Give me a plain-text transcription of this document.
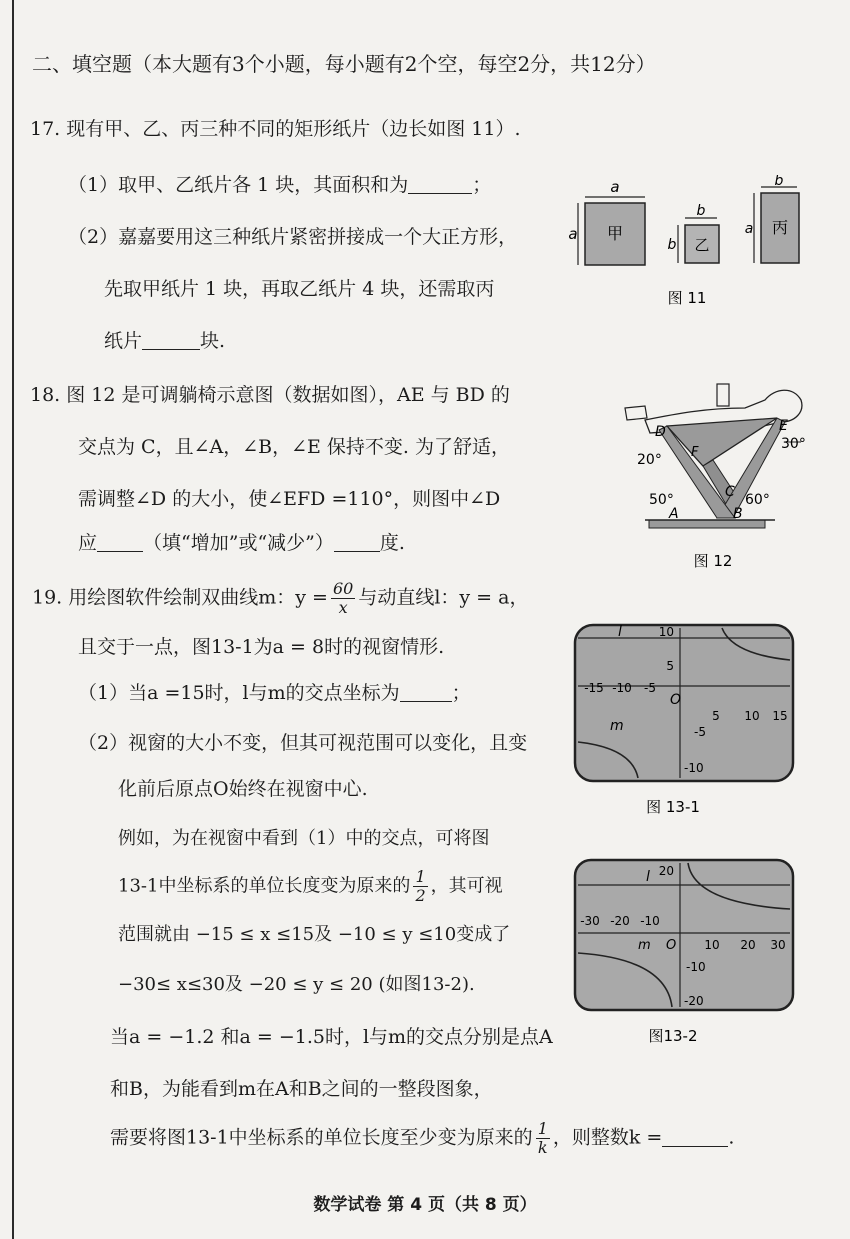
二、填空题（本大题有3个小题，每小题有2个空，每空2分，共12分）
17. 现有甲、乙、丙三种不同的矩形纸片（边长如图 11）.
（1）取甲、乙纸片各 1 块，其面积和为	；
（2）嘉嘉要用这三种纸片紧密拼接成一个大正方形，
先取甲纸片 1 块，再取乙纸片 4 块，还需取丙
纸片	块.
a
a 甲
b
b 乙
b
a 丙
图 11
18. 图 12 是可调躺椅示意图（数据如图），AE 与 BD 的
交点为 C，且∠A，∠B，∠E 保持不变. 为了舒适，
需调整∠D 的大小，使∠EFD =110°，则图中∠D
应 （填“增加”或“减少”） 度.
D	E
F
C
A	B
30°
20°
50°	60°
图 12
19. 用绘图软件绘制双曲线m：$y = \frac{60}{x}$ 与动直线l：y = a，
且交于一点，图13-1为a = 8时的视窗情形.
（1）当a =15时，l与m的交点坐标为	；
（2）视窗的大小不变，但其可视范围可以变化，且变
化前后原点O始终在视窗中心.
例如，为在视窗中看到（1）中的交点，可将图
13-1中坐标系的单位长度变为原来的 $\frac{1}{2}$ ，其可视
范围就由 −15 ≤ x ≤15及 −10 ≤ y ≤10变成了
−30≤ x≤30及 −20 ≤ y ≤ 20 (如图13-2).
当a = −1.2 和a = −1.5时，l与m的交点分别是点A
和B，为能看到m在A和B之间的一整段图象，
需要将图13-1中坐标系的单位长度至少变为原来的 $\frac{1}{k}$ ，则整数k =	.
l
m
O
-15 -10 -5
5 10 15
10
5
-5
-10
图 13-1
l
m O
-30 -20 -10
10 20 30
20
-10
-20
图13-2
数学试卷 第 4 页（共 8 页）
